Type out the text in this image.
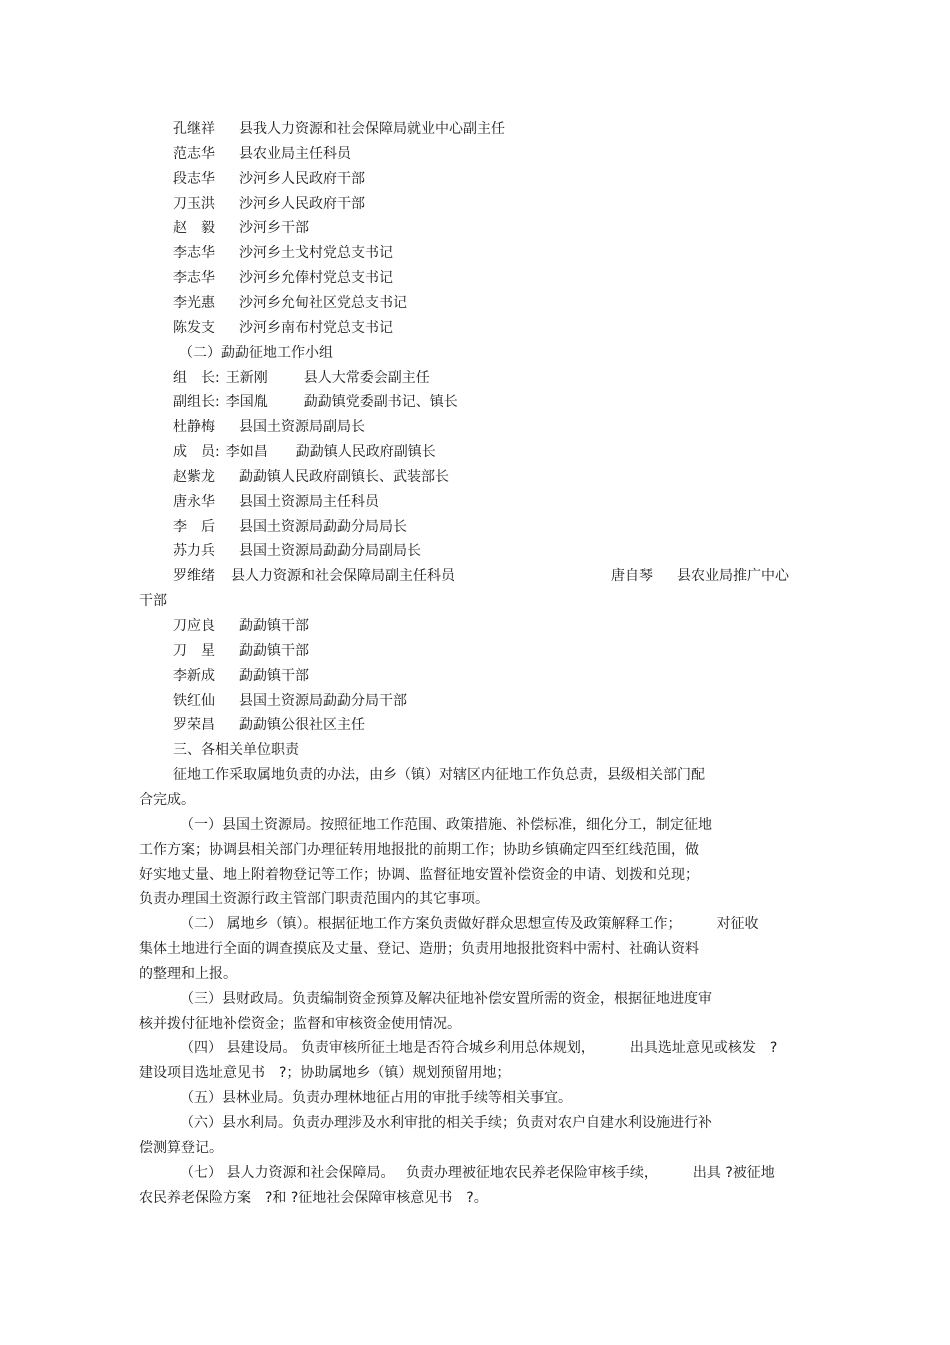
孔继祥 县我人力资源和社会保障局就业中心副主任
范志华 县农业局主任科员
段志华 沙河乡人民政府干部
刀玉洪 沙河乡人民政府干部
赵　毅 沙河乡干部
李志华 沙河乡土戈村党总支书记
李志华 沙河乡允俸村党总支书记
李光惠 沙河乡允甸社区党总支书记
陈发支 沙河乡南布村党总支书记
（二）勐勐征地工作小组
组　长: 王新刚	县人大常委会副主任
副组长: 李国胤	勐勐镇党委副书记、镇长
杜静梅 县国土资源局副局长
成　员: 李如昌 勐勐镇人民政府副镇长
赵紫龙 勐勐镇人民政府副镇长、武装部长
唐永华 县国土资源局主任科员
李　后 县国土资源局勐勐分局局长
苏力兵 县国土资源局勐勐分局副局长
罗维绪 县人力资源和社会保障局副主任科员	唐自琴 县农业局推广中心
干部
刀应良 勐勐镇干部
刀　星 勐勐镇干部
李新成 勐勐镇干部
铁红仙 县国土资源局勐勐分局干部
罗荣昌 勐勐镇公很社区主任
三、各相关单位职责
征地工作采取属地负责的办法，由乡（镇）对辖区内征地工作负总责，县级相关部门配
合完成。
（一）县国土资源局。按照征地工作范围、政策措施、补偿标准，细化分工，制定征地
工作方案；协调县相关部门办理征转用地报批的前期工作；协助乡镇确定四至红线范围，做
好实地丈量、地上附着物登记等工作；协调、监督征地安置补偿资金的申请、划拨和兑现；
负责办理国土资源行政主管部门职责范围内的其它事项。
（二） 属地乡（镇）。根据征地工作方案负责做好群众思想宣传及政策解释工作；　　　对征收
集体土地进行全面的调查摸底及丈量、登记、造册；负责用地报批资料中需村、社确认资料
的整理和上报。
（三）县财政局。负责编制资金预算及解决征地补偿安置所需的资金，根据征地进度审
核并拨付征地补偿资金；监督和审核资金使用情况。
（四） 县建设局。 负责审核所征土地是否符合城乡利用总体规划，　　　出具选址意见或核发　?
建设项目选址意见书　?；协助属地乡（镇）规划预留用地；
（五）县林业局。负责办理林地征占用的审批手续等相关事宜。
（六）县水利局。负责办理涉及水利审批的相关手续；负责对农户自建水利设施进行补
偿测算登记。
（七） 县人力资源和社会保障局。　 负责办理被征地农民养老保险审核手续，　　　出具 ?被征地
农民养老保险方案　?和 ?征地社会保障审核意见书　?。
